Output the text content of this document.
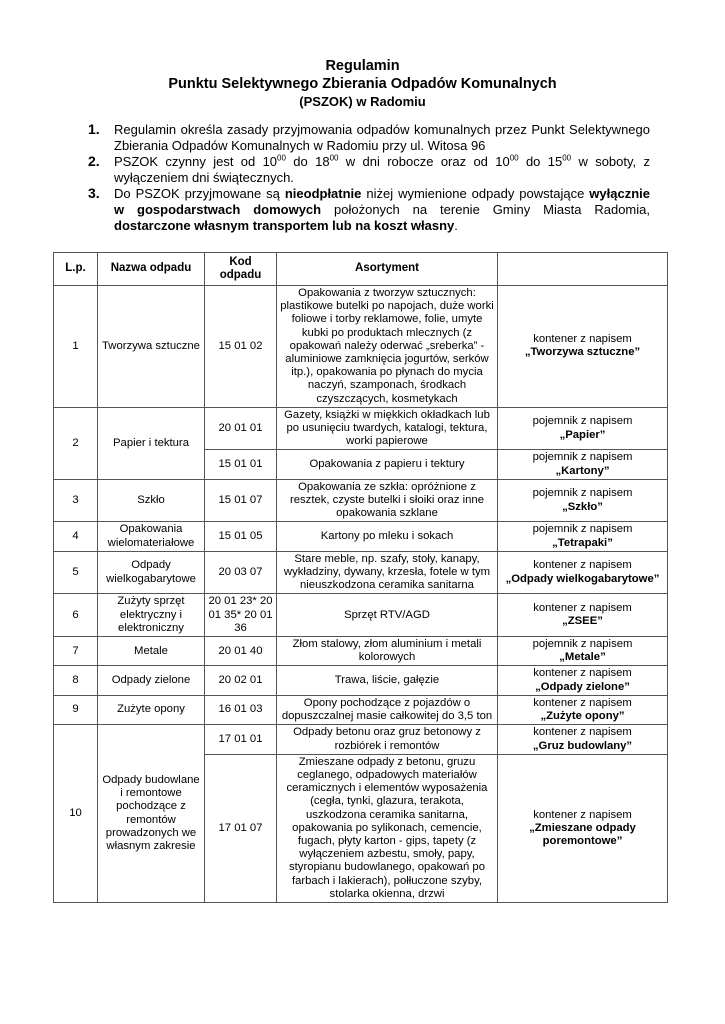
Regulamin
Punktu Selektywnego Zbierania Odpadów Komunalnych
(PSZOK) w Radomiu
1. Regulamin określa zasady przyjmowania odpadów komunalnych przez Punkt Selektywnego Zbierania Odpadów Komunalnych w Radomiu przy ul. Witosa 96
2. PSZOK czynny jest od $10^{00}$ do $18^{00}$ w dni robocze oraz od $10^{00}$ do $15^{00}$ w soboty, z wyłączeniem dni świątecznych.
3. Do PSZOK przyjmowane są nieodpłatnie niżej wymienione odpady powstające wyłącznie w gospodarstwach domowych położonych na terenie Gminy Miasta Radomia, dostarczone własnym transportem lub na koszt własny.
L.p.	Nazwa odpadu	Kod odpadu	Asortyment	
1	Tworzywa sztuczne	15 01 02	Opakowania z tworzyw sztucznych: plastikowe butelki po napojach, duże worki foliowe i torby reklamowe, folie, umyte kubki po produktach mlecznych (z opakowań należy oderwać „sreberka” - aluminiowe zamknięcia jogurtów, serków itp.), opakowania po płynach do mycia naczyń, szamponach, środkach czyszczących, kosmetykach	kontener z napisem
„Tworzywa sztuczne”
2	Papier i tektura	20 01 01	Gazety, książki w miękkich okładkach lub po usunięciu twardych, katalogi, tektura, worki papierowe	pojemnik z napisem
„Papier”
		15 01 01	Opakowania z papieru i tektury	pojemnik z napisem
„Kartony”
3	Szkło	15 01 07	Opakowania ze szkła: opróżnione z resztek, czyste butelki i słoiki oraz inne opakowania szklane	pojemnik z napisem
„Szkło”
4	Opakowania wielomateriałowe	15 01 05	Kartony po mleku i sokach	pojemnik z napisem
„Tetrapaki”
5	Odpady wielkogabarytowe	20 03 07	Stare meble, np. szafy, stoły, kanapy, wykładziny, dywany, krzesła, fotele w tym nieuszkodzona ceramika sanitarna	kontener z napisem
„Odpady wielkogabarytowe”
6	Zużyty sprzęt elektryczny i elektroniczny	20 01 23* 20 01 35* 20 01 36	Sprzęt RTV/AGD	kontener z napisem
„ZSEE”
7	Metale	20 01 40	Złom stalowy, złom aluminium i metali kolorowych	pojemnik z napisem
„Metale”
8	Odpady zielone	20 02 01	Trawa, liście, gałęzie	kontener z napisem
„Odpady zielone”
9	Zużyte opony	16 01 03	Opony pochodzące z pojazdów o dopuszczalnej masie całkowitej do 3,5 ton	kontener z napisem
„Zużyte opony”
10	Odpady budowlane i remontowe pochodzące z remontów prowadzonych we własnym zakresie	17 01 01	Odpady betonu oraz gruz betonowy z rozbiórek i remontów	kontener z napisem
„Gruz budowlany”
		17 01 07	Zmieszane odpady z betonu, gruzu ceglanego, odpadowych materiałów ceramicznych i elementów wyposażenia (cegła, tynki, glazura, terakota, uszkodzona ceramika sanitarna, opakowania po sylikonach, cemencie, fugach, płyty karton - gips, tapety (z wyłączeniem azbestu, smoły, papy, styropianu budowlanego, opakowań po farbach i lakierach), połłuczone szyby, stolarka okienna, drzwi	kontener z napisem
„Zmieszane odpady poremontowe”
